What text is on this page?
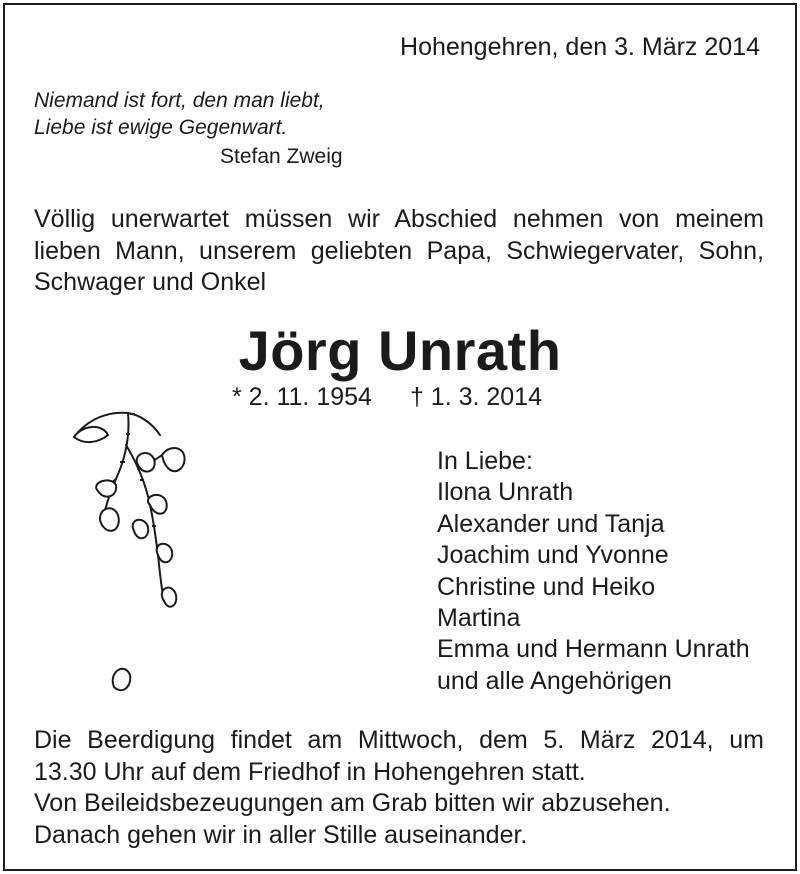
Hohengehren, den 3. März 2014
Niemand ist fort, den man liebt,
Liebe ist ewige Gegenwart.
Stefan Zweig
Völlig unerwartet müssen wir Abschied nehmen von meinem
lieben Mann, unserem geliebten Papa, Schwiegervater, Sohn,
Schwager und Onkel
Jörg Unrath
* 2. 11. 1954 † 1. 3. 2014
In Liebe:
Ilona Unrath
Alexander und Tanja
Joachim und Yvonne
Christine und Heiko
Martina
Emma und Hermann Unrath
und alle Angehörigen
Die Beerdigung findet am Mittwoch, dem 5. März 2014, um
13.30 Uhr auf dem Friedhof in Hohengehren statt.
Von Beileidsbezeugungen am Grab bitten wir abzusehen.
Danach gehen wir in aller Stille auseinander.
